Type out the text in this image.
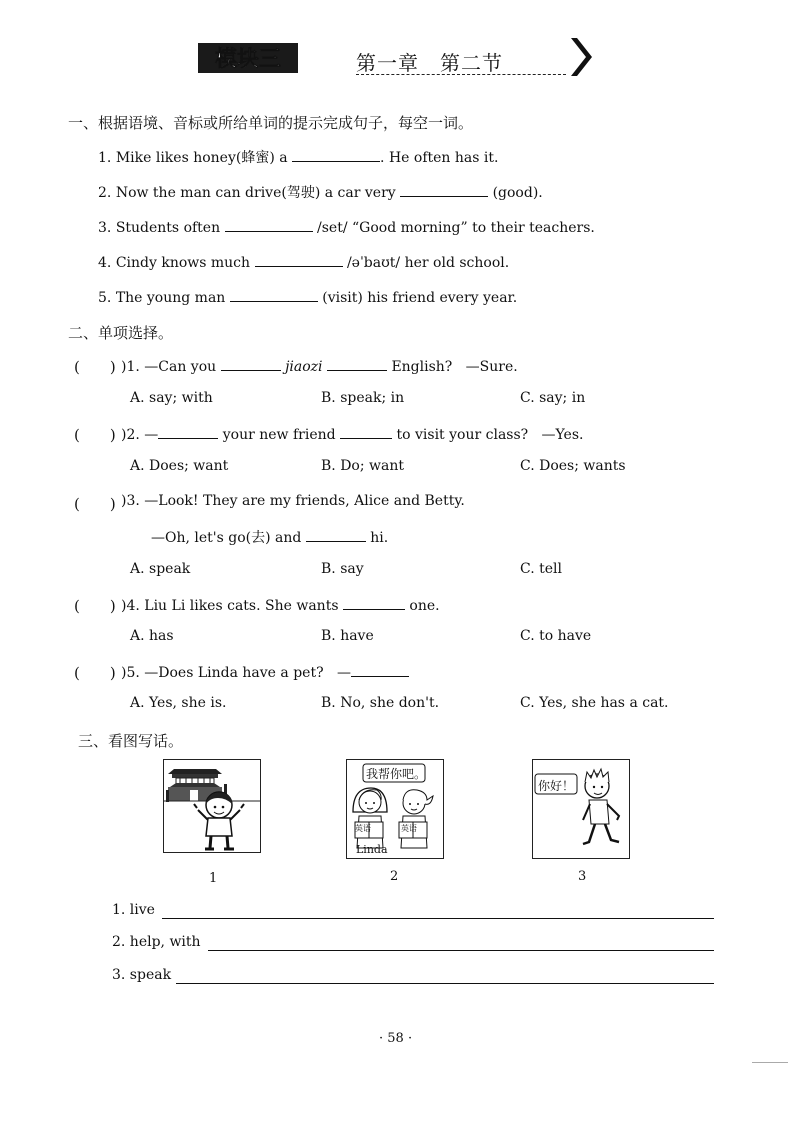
模块三	第一章　第二节
一、根据语境、音标或所给单词的提示完成句子，每空一词。
1. Mike likes honey(蜂蜜) a	. He often has it.
2. Now the man can drive(驾驶) a car very	(good).
3. Students often	/set/ “Good morning” to their teachers.
4. Cindy knows much	/əˈbaʊt/ her old school.
5. The young man	(visit) his friend every year.
二、单项选择。
(　　) )1. —Can you	jiaozi	English? —Sure.
A. say; with	B. speak; in	C. say; in
(　　) )2. —	your new friend	to visit your class? —Yes.
A. Does; want	B. Do; want	C. Does; wants
(　　) )3. —Look! They are my friends, Alice and Betty.
—Oh, let's go(去) and	hi.
A. speak	B. say	C. tell
(　　) )4. Liu Li likes cats. She wants	one.
A. has	B. have	C. to have
(　　) )5. —Does Linda have a pet? —
A. Yes, she is.	B. No, she don't.	C. Yes, she has a cat.
三、看图写话。
1
我帮你吧。
英语	英语
Linda
2
你好！
3
1. live
2. help, with
3. speak
· 58 ·
